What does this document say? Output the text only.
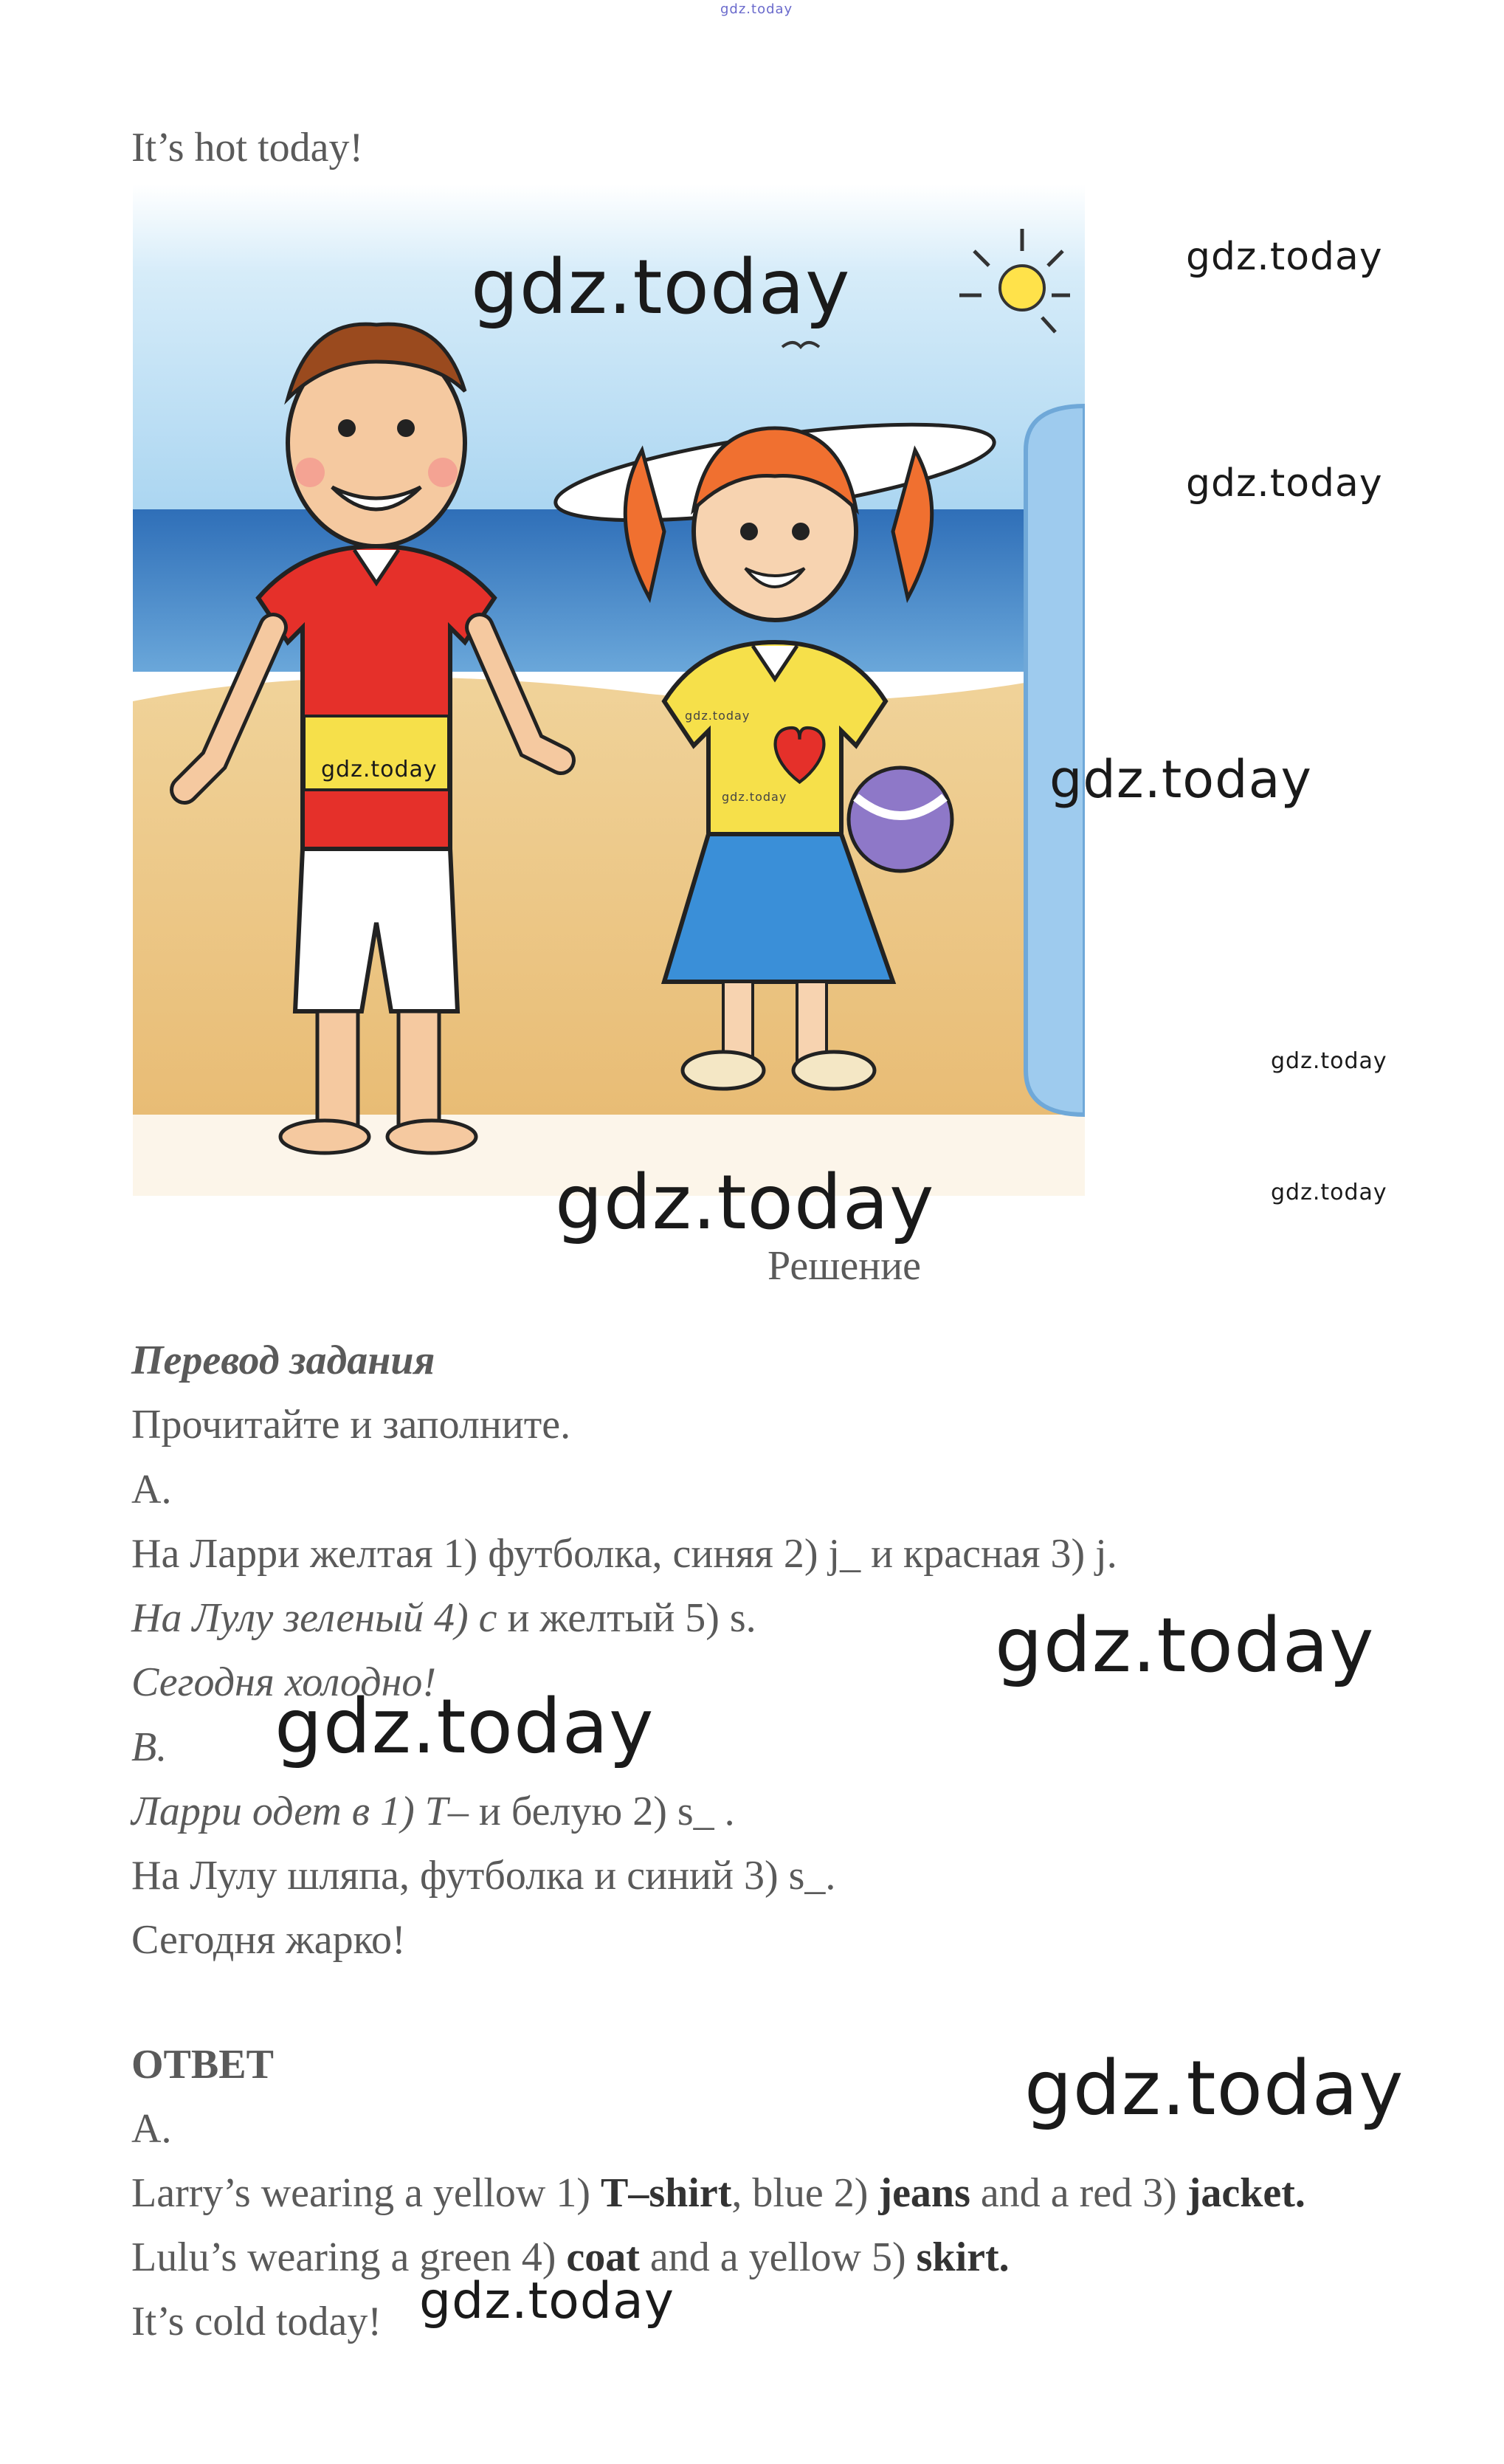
gdz.today
It’s hot today!
gdz.today
gdz.today
gdz.today
gdz.today	gdz.today
gdz.today
gdz.today
gdz.today
gdz.today
gdz.today
Решение
Перевод задания
Прочитайте и заполните.
А.
На Ларри желтая 1) футболка, синяя 2) j_ и красная 3) j.
На Лулу зеленый 4) с и желтый 5) s.
Сегодня холодно!
В.
Ларри одет в 1) Т– и белую 2) s_ .
На Лулу шляпа, футболка и синий 3) s_.
Сегодня жарко!
gdz.today
gdz.today
ОТВЕТ
A.
Larry’s wearing a yellow 1) T–shirt, blue 2) jeans and a red 3) jacket.
Lulu’s wearing a green 4) coat and a yellow 5) skirt.
It’s cold today!
gdz.today
gdz.today
